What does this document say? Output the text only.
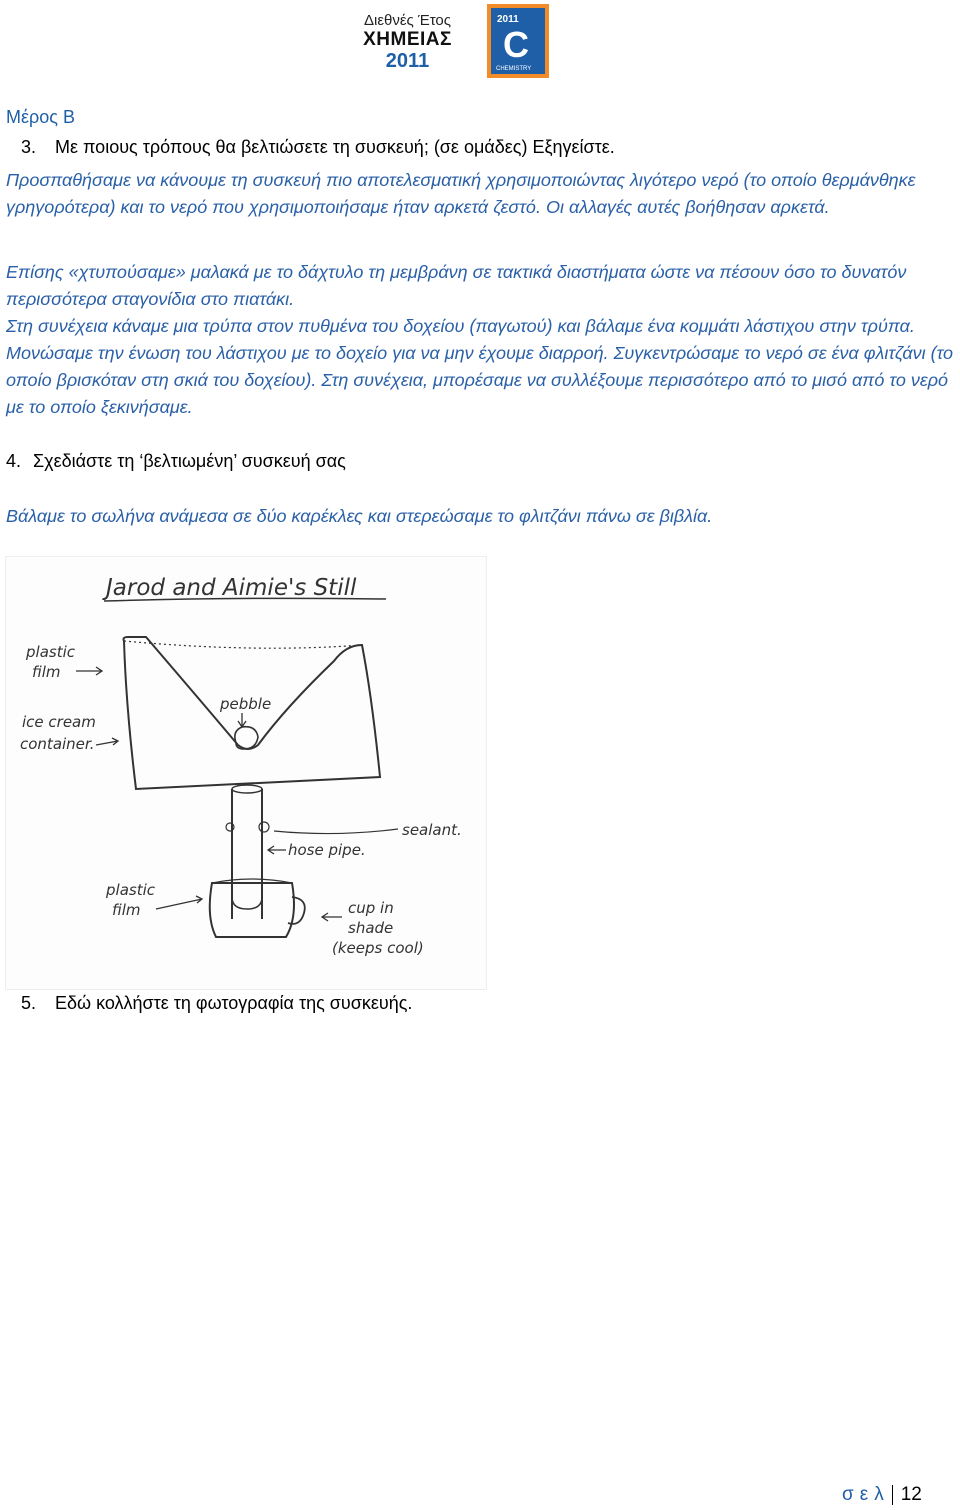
Διεθνές Έτος
ΧΗΜΕΙΑΣ
2011
2011
C
CHEMISTRY
Μέρος Β
3. Με ποιους τρόπους θα βελτιώσετε τη συσκευή; (σε ομάδες) Εξηγείστε.

Προσπαθήσαμε να κάνουμε τη συσκευή πιο αποτελεσματική χρησιμοποιώντας λιγότερο νερό (το οποίο θερμάνθηκε γρηγορότερα) και το νερό που χρησιμοποιήσαμε ήταν αρκετά ζεστό. Οι αλλαγές αυτές βοήθησαν αρκετά.

Επίσης «χτυπούσαμε» μαλακά με το δάχτυλο τη μεμβράνη σε τακτικά διαστήματα ώστε να πέσουν όσο το δυνατόν περισσότερα σταγονίδια στο πιατάκι.

Στη συνέχεια κάναμε μια τρύπα στον πυθμένα του δοχείου (παγωτού) και βάλαμε ένα κομμάτι λάστιχου στην τρύπα. Μονώσαμε την ένωση του λάστιχου με το δοχείο για να μην έχουμε διαρροή. Συγκεντρώσαμε το νερό σε ένα φλιτζάνι (το οποίο βρισκόταν στη σκιά του δοχείου). Στη συνέχεια, μπορέσαμε να συλλέξουμε περισσότερο από το μισό από το νερό με το οποίο ξεκινήσαμε.

4. Σχεδιάστε τη ‘βελτιωμένη’ συσκευή σας

Βάλαμε το σωλήνα ανάμεσα σε δύο καρέκλες και στερεώσαμε το φλιτζάνι πάνω σε βιβλία.

Jarod and Aimie's Still
plastic
film
ice cream
container.
pebble
sealant.
hose pipe.
plastic
film	cup in
shade
(keeps cool)
5. Εδώ κολλήστε τη φωτογραφία της συσκευής.
σελ 12
